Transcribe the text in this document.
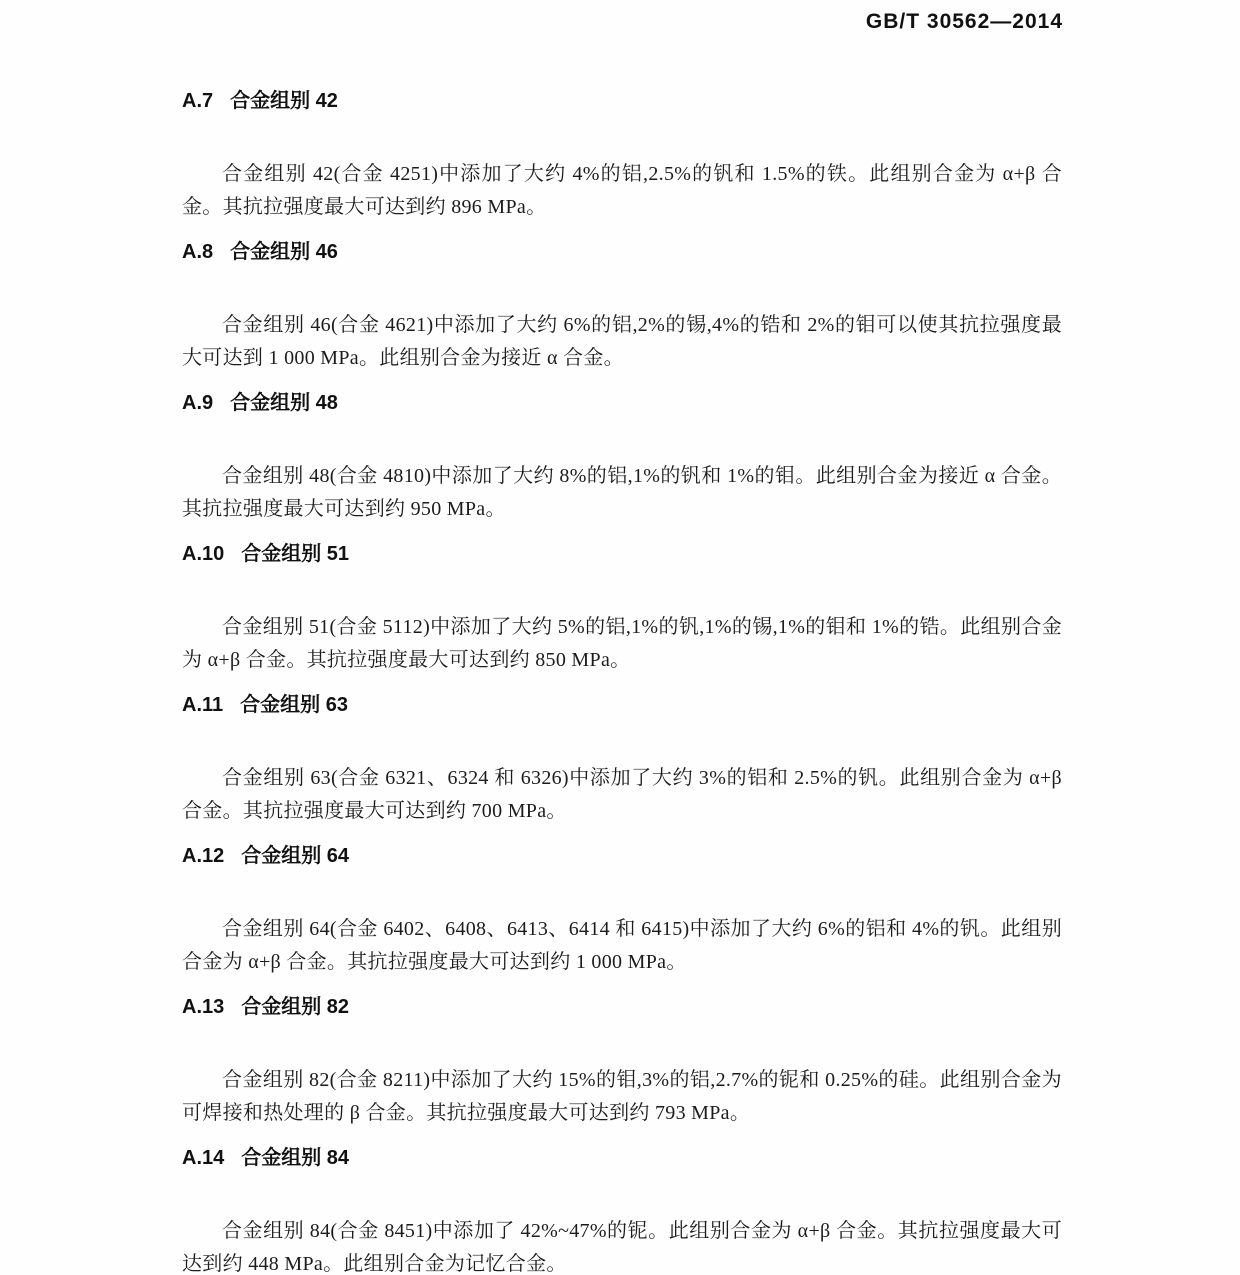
GB/T 30562—2014
A.7 合金组别 42

合金组别 42(合金 4251)中添加了大约 4%的铝,2.5%的钒和 1.5%的铁。此组别合金为 α+β 合金。其抗拉强度最大可达到约 896 MPa。

A.8 合金组别 46

合金组别 46(合金 4621)中添加了大约 6%的铝,2%的锡,4%的锆和 2%的钼可以使其抗拉强度最大可达到 1 000 MPa。此组别合金为接近 α 合金。

A.9 合金组别 48

合金组别 48(合金 4810)中添加了大约 8%的铝,1%的钒和 1%的钼。此组别合金为接近 α 合金。其抗拉强度最大可达到约 950 MPa。

A.10 合金组别 51

合金组别 51(合金 5112)中添加了大约 5%的铝,1%的钒,1%的锡,1%的钼和 1%的锆。此组别合金为 α+β 合金。其抗拉强度最大可达到约 850 MPa。

A.11 合金组别 63

合金组别 63(合金 6321、6324 和 6326)中添加了大约 3%的铝和 2.5%的钒。此组别合金为 α+β 合金。其抗拉强度最大可达到约 700 MPa。

A.12 合金组别 64

合金组别 64(合金 6402、6408、6413、6414 和 6415)中添加了大约 6%的铝和 4%的钒。此组别合金为 α+β 合金。其抗拉强度最大可达到约 1 000 MPa。

A.13 合金组别 82

合金组别 82(合金 8211)中添加了大约 15%的钼,3%的铝,2.7%的铌和 0.25%的硅。此组别合金为可焊接和热处理的 β 合金。其抗拉强度最大可达到约 793 MPa。

A.14 合金组别 84

合金组别 84(合金 8451)中添加了 42%~47%的铌。此组别合金为 α+β 合金。其抗拉强度最大可达到约 448 MPa。此组别合金为记忆合金。
